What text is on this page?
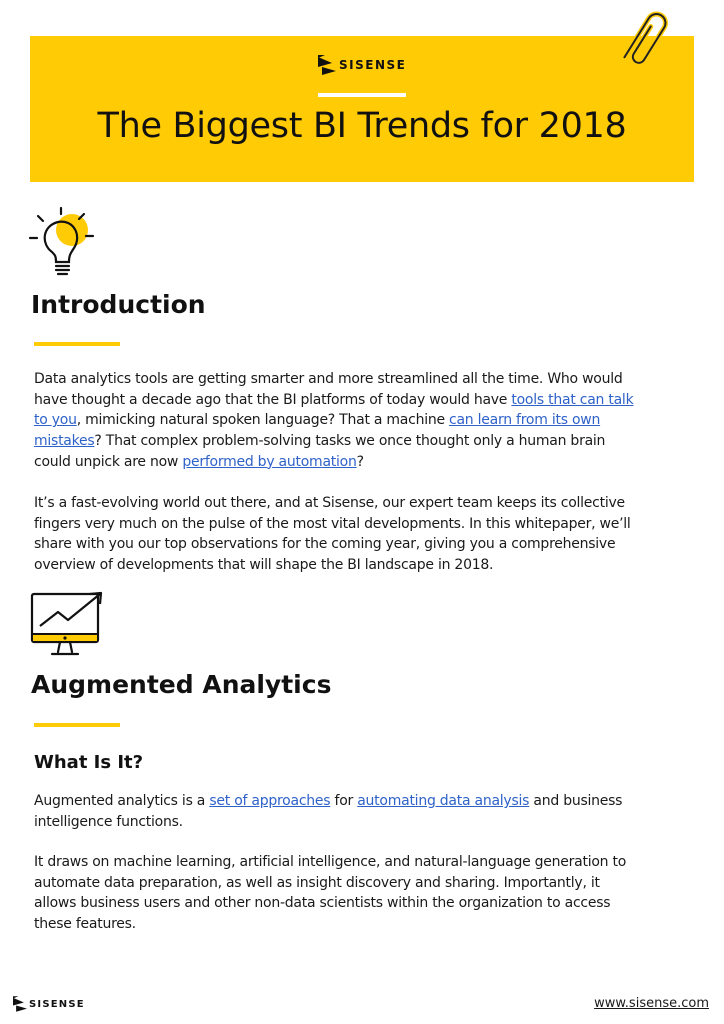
SISENSE
The Biggest BI Trends for 2018
Introduction

Data analytics tools are getting smarter and more streamlined all the time. Who would have thought a decade ago that the BI platforms of today would have tools that can talk to you, mimicking natural spoken language? That a machine can learn from its own mistakes? That complex problem-solving tasks we once thought only a human brain could unpick are now performed by automation?

It’s a fast-evolving world out there, and at Sisense, our expert team keeps its collective fingers very much on the pulse of the most vital developments. In this whitepaper, we’ll share with you our top observations for the coming year, giving you a comprehensive overview of developments that will shape the BI landscape in 2018.

Augmented Analytics
What Is It?

Augmented analytics is a set of approaches for automating data analysis and business intelligence functions.

It draws on machine learning, artificial intelligence, and natural-language generation to automate data preparation, as well as insight discovery and sharing. Importantly, it allows business users and other non-data scientists within the organization to access these features.

SISENSE	www.sisense.com
